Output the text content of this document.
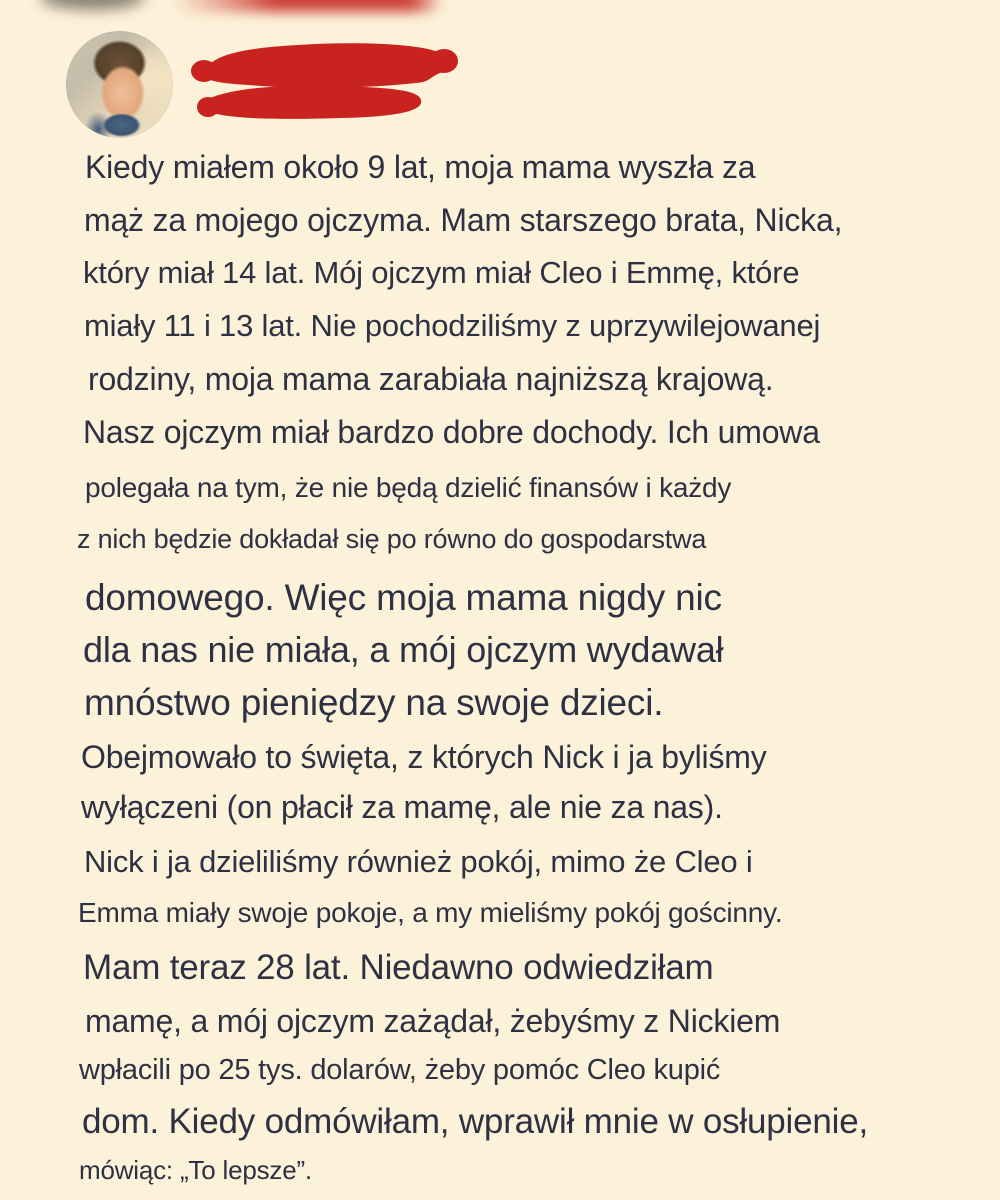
Kiedy miałem około 9 lat, moja mama wyszła za
mąż za mojego ojczyma. Mam starszego brata, Nicka,
który miał 14 lat. Mój ojczym miał Cleo i Emmę, które
miały 11 i 13 lat. Nie pochodziliśmy z uprzywilejowanej
rodziny, moja mama zarabiała najniższą krajową.
Nasz ojczym miał bardzo dobre dochody. Ich umowa
polegała na tym, że nie będą dzielić finansów i każdy
z nich będzie dokładał się po równo do gospodarstwa
domowego. Więc moja mama nigdy nic
dla nas nie miała, a mój ojczym wydawał
mnóstwo pieniędzy na swoje dzieci.
Obejmowało to święta, z których Nick i ja byliśmy
wyłączeni (on płacił za mamę, ale nie za nas).
Nick i ja dzieliliśmy również pokój, mimo że Cleo i
Emma miały swoje pokoje, a my mieliśmy pokój gościnny.
Mam teraz 28 lat. Niedawno odwiedziłam
mamę, a mój ojczym zażądał, żebyśmy z Nickiem
wpłacili po 25 tys. dolarów, żeby pomóc Cleo kupić
dom. Kiedy odmówiłam, wprawił mnie w osłupienie,
mówiąc: „To lepsze”.
